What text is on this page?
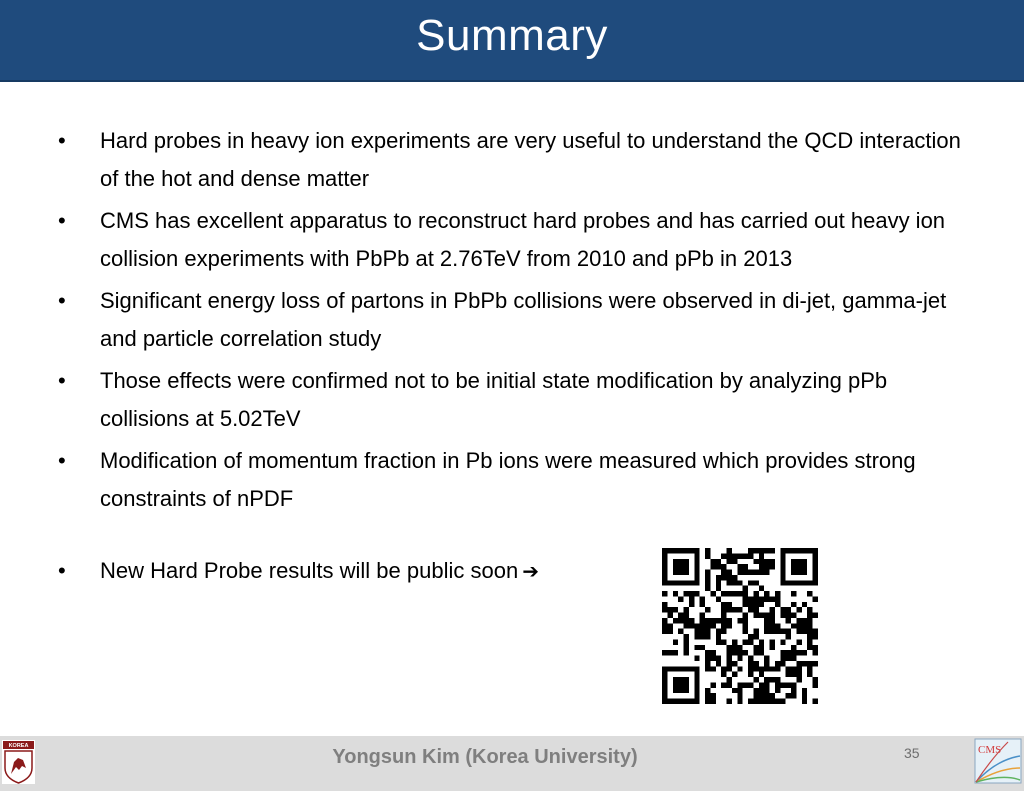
Summary
•	Hard probes in heavy ion experiments are very useful to understand the QCD interaction of the hot and dense matter
•	CMS has excellent apparatus to reconstruct hard probes and has carried out heavy ion collision experiments with PbPb at 2.76TeV from 2010 and pPb in 2013
•	Significant energy loss of partons in PbPb collisions were observed in di-jet, gamma-jet and particle correlation study
•	Those effects were confirmed not to be initial state modification by analyzing pPb collisions at 5.02TeV
•	Modification of momentum fraction in Pb ions were measured which provides strong constraints of nPDF
•	New Hard Probe results will be public soon ➔
KOREA	CMS
Yongsun Kim (Korea University)	35
